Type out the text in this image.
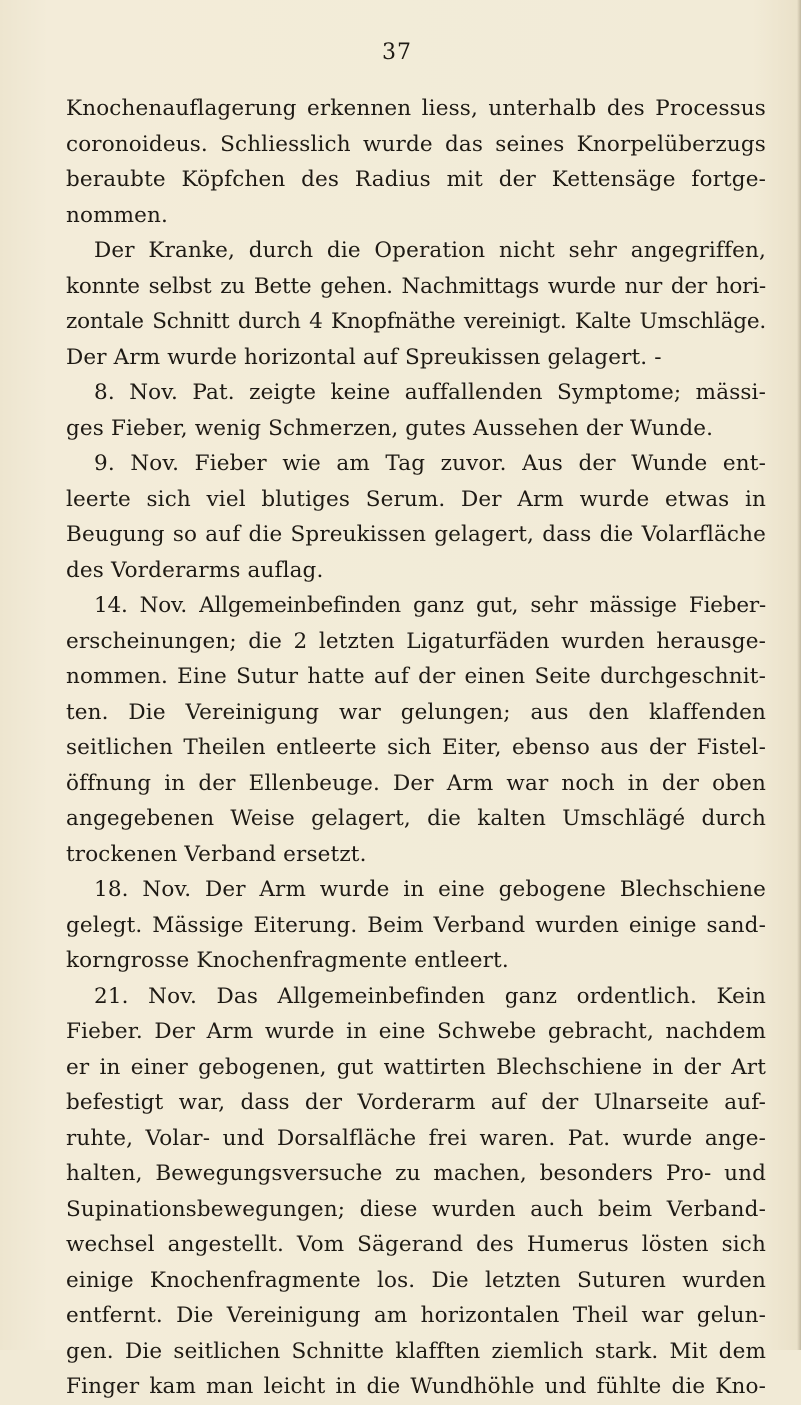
37
Knochenauflagerung erkennen liess, unterhalb des Processus
coronoideus. Schliesslich wurde das seines Knorpelüberzugs
beraubte Köpfchen des Radius mit der Kettensäge fortge-
nommen.
Der Kranke, durch die Operation nicht sehr angegriffen,
konnte selbst zu Bette gehen. Nachmittags wurde nur der hori-
zontale Schnitt durch 4 Knopfnäthe vereinigt. Kalte Umschläge.
Der Arm wurde horizontal auf Spreukissen gelagert. -
8. Nov. Pat. zeigte keine auffallenden Symptome; mässi-
ges Fieber, wenig Schmerzen, gutes Aussehen der Wunde.
9. Nov. Fieber wie am Tag zuvor. Aus der Wunde ent-
leerte sich viel blutiges Serum. Der Arm wurde etwas in
Beugung so auf die Spreukissen gelagert, dass die Volarfläche
des Vorderarms auflag.
14. Nov. Allgemeinbefinden ganz gut, sehr mässige Fieber-
erscheinungen; die 2 letzten Ligaturfäden wurden herausge-
nommen. Eine Sutur hatte auf der einen Seite durchgeschnit-
ten. Die Vereinigung war gelungen; aus den klaffenden
seitlichen Theilen entleerte sich Eiter, ebenso aus der Fistel-
öffnung in der Ellenbeuge. Der Arm war noch in der oben
angegebenen Weise gelagert, die kalten Umschlägé durch
trockenen Verband ersetzt.
18. Nov. Der Arm wurde in eine gebogene Blechschiene
gelegt. Mässige Eiterung. Beim Verband wurden einige sand-
korngrosse Knochenfragmente entleert.
21. Nov. Das Allgemeinbefinden ganz ordentlich. Kein
Fieber. Der Arm wurde in eine Schwebe gebracht, nachdem
er in einer gebogenen, gut wattirten Blechschiene in der Art
befestigt war, dass der Vorderarm auf der Ulnarseite auf-
ruhte, Volar- und Dorsalfläche frei waren. Pat. wurde ange-
halten, Bewegungsversuche zu machen, besonders Pro- und
Supinationsbewegungen; diese wurden auch beim Verband-
wechsel angestellt. Vom Sägerand des Humerus lösten sich
einige Knochenfragmente los. Die letzten Suturen wurden
entfernt. Die Vereinigung am horizontalen Theil war gelun-
gen. Die seitlichen Schnitte klafften ziemlich stark. Mit dem
Finger kam man leicht in die Wundhöhle und fühlte die Kno-
